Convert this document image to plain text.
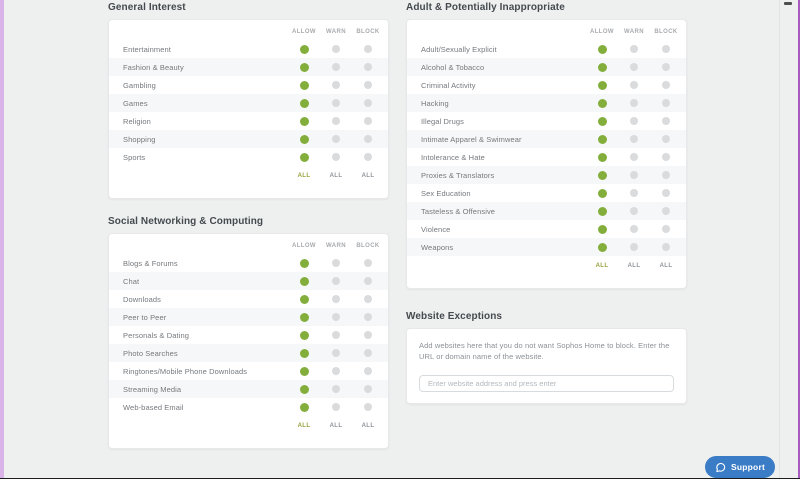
General Interest
ALLOW	WARN	BLOCK
Entertainment
Fashion & Beauty
Gambling
Games
Religion
Shopping
Sports
ALL	ALL	ALL
Social Networking & Computing
ALLOW	WARN	BLOCK
Blogs & Forums
Chat
Downloads
Peer to Peer
Personals & Dating
Photo Searches
Ringtones/Mobile Phone Downloads
Streaming Media
Web-based Email
ALL	ALL	ALL
Adult & Potentially Inappropriate
ALLOW	WARN	BLOCK
Adult/Sexually Explicit
Alcohol & Tobacco
Criminal Activity
Hacking
Illegal Drugs
Intimate Apparel & Swimwear
Intolerance & Hate
Proxies & Translators
Sex Education
Tasteless & Offensive
Violence
Weapons
ALL	ALL	ALL
Website Exceptions

Add websites here that you do not want Sophos Home to block. Enter the URL or domain name of the website.

Enter website address and press enter
Support
